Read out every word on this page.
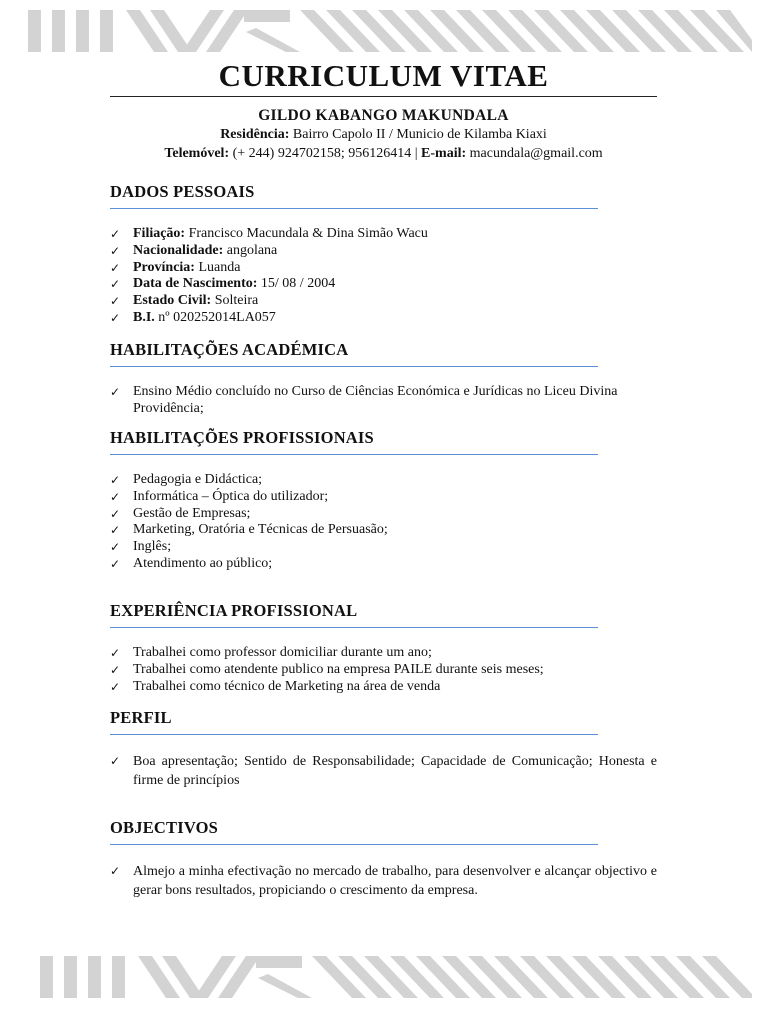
CURRICULUM VITAE
GILDO KABANGO MAKUNDALA
Residência: Bairro Capolo II / Municio de Kilamba Kiaxi
Telemóvel: (+ 244) 924702158; 956126414 | E-mail: macundala@gmail.com
DADOS PESSOAIS
✓ Filiação: Francisco Macundala & Dina Simão Wacu
✓ Nacionalidade: angolana
✓ Província: Luanda
✓ Data de Nascimento: 15/ 08 / 2004
✓ Estado Civil: Solteira
✓ B.I. nº 020252014LA057
HABILITAÇÕES ACADÉMICA
✓ Ensino Médio concluído no Curso de Ciências Económica e Jurídicas no Liceu Divina Providência;
HABILITAÇÕES PROFISSIONAIS
✓ Pedagogia e Didáctica;
✓ Informática – Óptica do utilizador;
✓ Gestão de Empresas;
✓ Marketing, Oratória e Técnicas de Persuasão;
✓ Inglês;
✓ Atendimento ao público;
EXPERIÊNCIA PROFISSIONAL
✓ Trabalhei como professor domiciliar durante um ano;
✓ Trabalhei como atendente publico na empresa PAILE durante seis meses;
✓ Trabalhei como técnico de Marketing na área de venda
PERFIL
✓ Boa apresentação; Sentido de Responsabilidade; Capacidade de Comunicação; Honesta e firme de princípios
OBJECTIVOS
✓ Almejo a minha efectivação no mercado de trabalho, para desenvolver e alcançar objectivo e gerar bons resultados, propiciando o crescimento da empresa.
